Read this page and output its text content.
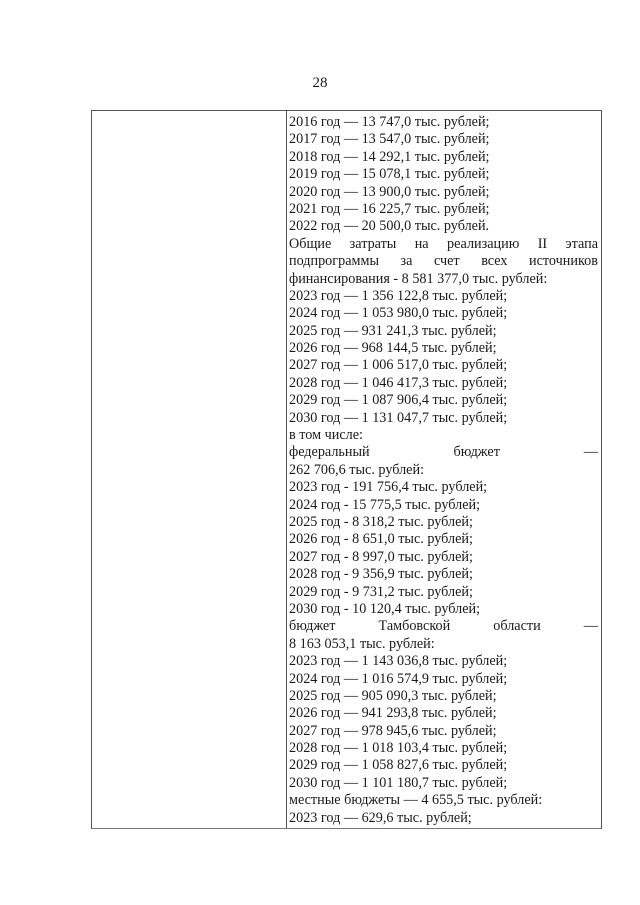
28
2016 год — 13 747,0 тыс. рублей;
2017 год — 13 547,0 тыс. рублей;
2018 год — 14 292,1 тыс. рублей;
2019 год — 15 078,1 тыс. рублей;
2020 год — 13 900,0 тыс. рублей;
2021 год — 16 225,7 тыс. рублей;
2022 год — 20 500,0 тыс. рублей.
Общие затраты на реализацию II этапа
подпрограммы за счет всех источников
финансирования - 8 581 377,0 тыс. рублей:
2023 год — 1 356 122,8 тыс. рублей;
2024 год — 1 053 980,0 тыс. рублей;
2025 год — 931 241,3 тыс. рублей;
2026 год — 968 144,5 тыс. рублей;
2027 год — 1 006 517,0 тыс. рублей;
2028 год — 1 046 417,3 тыс. рублей;
2029 год — 1 087 906,4 тыс. рублей;
2030 год — 1 131 047,7 тыс. рублей;
в том числе:
федеральный	бюджет	—
262 706,6 тыс. рублей:
2023 год - 191 756,4 тыс. рублей;
2024 год - 15 775,5 тыс. рублей;
2025 год - 8 318,2 тыс. рублей;
2026 год - 8 651,0 тыс. рублей;
2027 год - 8 997,0 тыс. рублей;
2028 год - 9 356,9 тыс. рублей;
2029 год - 9 731,2 тыс. рублей;
2030 год - 10 120,4 тыс. рублей;
бюджет	Тамбовской	области	—
8 163 053,1 тыс. рублей:
2023 год — 1 143 036,8 тыс. рублей;
2024 год — 1 016 574,9 тыс. рублей;
2025 год — 905 090,3 тыс. рублей;
2026 год — 941 293,8 тыс. рублей;
2027 год — 978 945,6 тыс. рублей;
2028 год — 1 018 103,4 тыс. рублей;
2029 год — 1 058 827,6 тыс. рублей;
2030 год — 1 101 180,7 тыс. рублей;
местные бюджеты — 4 655,5 тыс. рублей:
2023 год — 629,6 тыс. рублей;
